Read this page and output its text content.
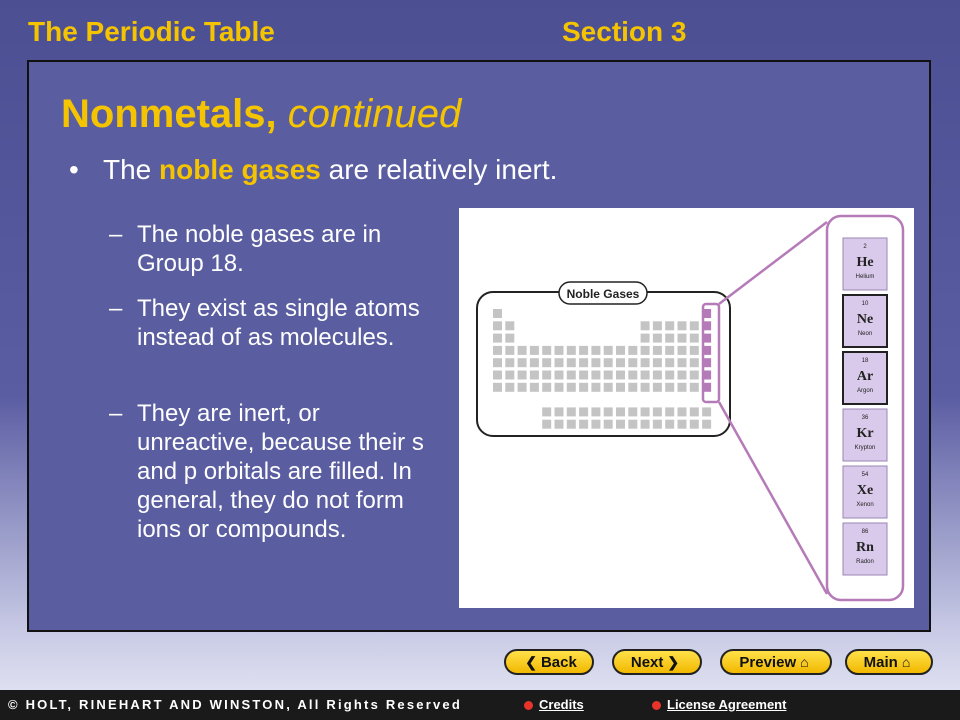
The Periodic Table	Section 3
Nonmetals, continued
• The noble gases are relatively inert.
– The noble gases are in Group 18.
– They exist as single atoms instead of as molecules.
– They are inert, or unreactive, because their s and p orbitals are filled. In general, they do not form ions or compounds.
Noble Gases
2
He
Helium
10
Ne
Neon
18
Ar
Argon
36
Kr
Krypton
54
Xe
Xenon
86
Rn
Radon
❮ Back	Next ❯	Preview ⌂	Main ⌂
© HOLT, RINEHART AND WINSTON, All Rights Reserved	Credits	License Agreement
